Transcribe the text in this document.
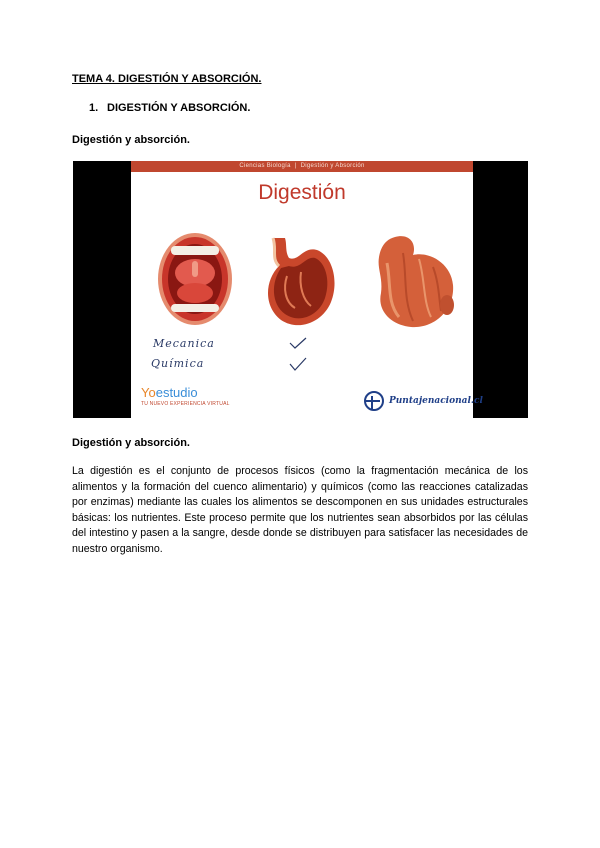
TEMA 4. DIGESTIÓN Y ABSORCIÓN.
1. DIGESTIÓN Y ABSORCIÓN.
Digestión y absorción.
Ciencias Biología | Digestión y Absorción
Digestión
Mecanica
Química
Yoestudio
TU NUEVO EXPERIENCIA VIRTUAL	Puntajenacional.cl
Digestión y absorción.
La digestión es el conjunto de procesos físicos (como la fragmentación mecánica de los alimentos y la formación del cuenco alimentario) y químicos (como las reacciones catalizadas por enzimas) mediante las cuales los alimentos se descomponen en sus unidades estructurales básicas: los nutrientes. Este proceso permite que los nutrientes sean absorbidos por las células del intestino y pasen a la sangre, desde donde se distribuyen para satisfacer las necesidades de nuestro organismo.
